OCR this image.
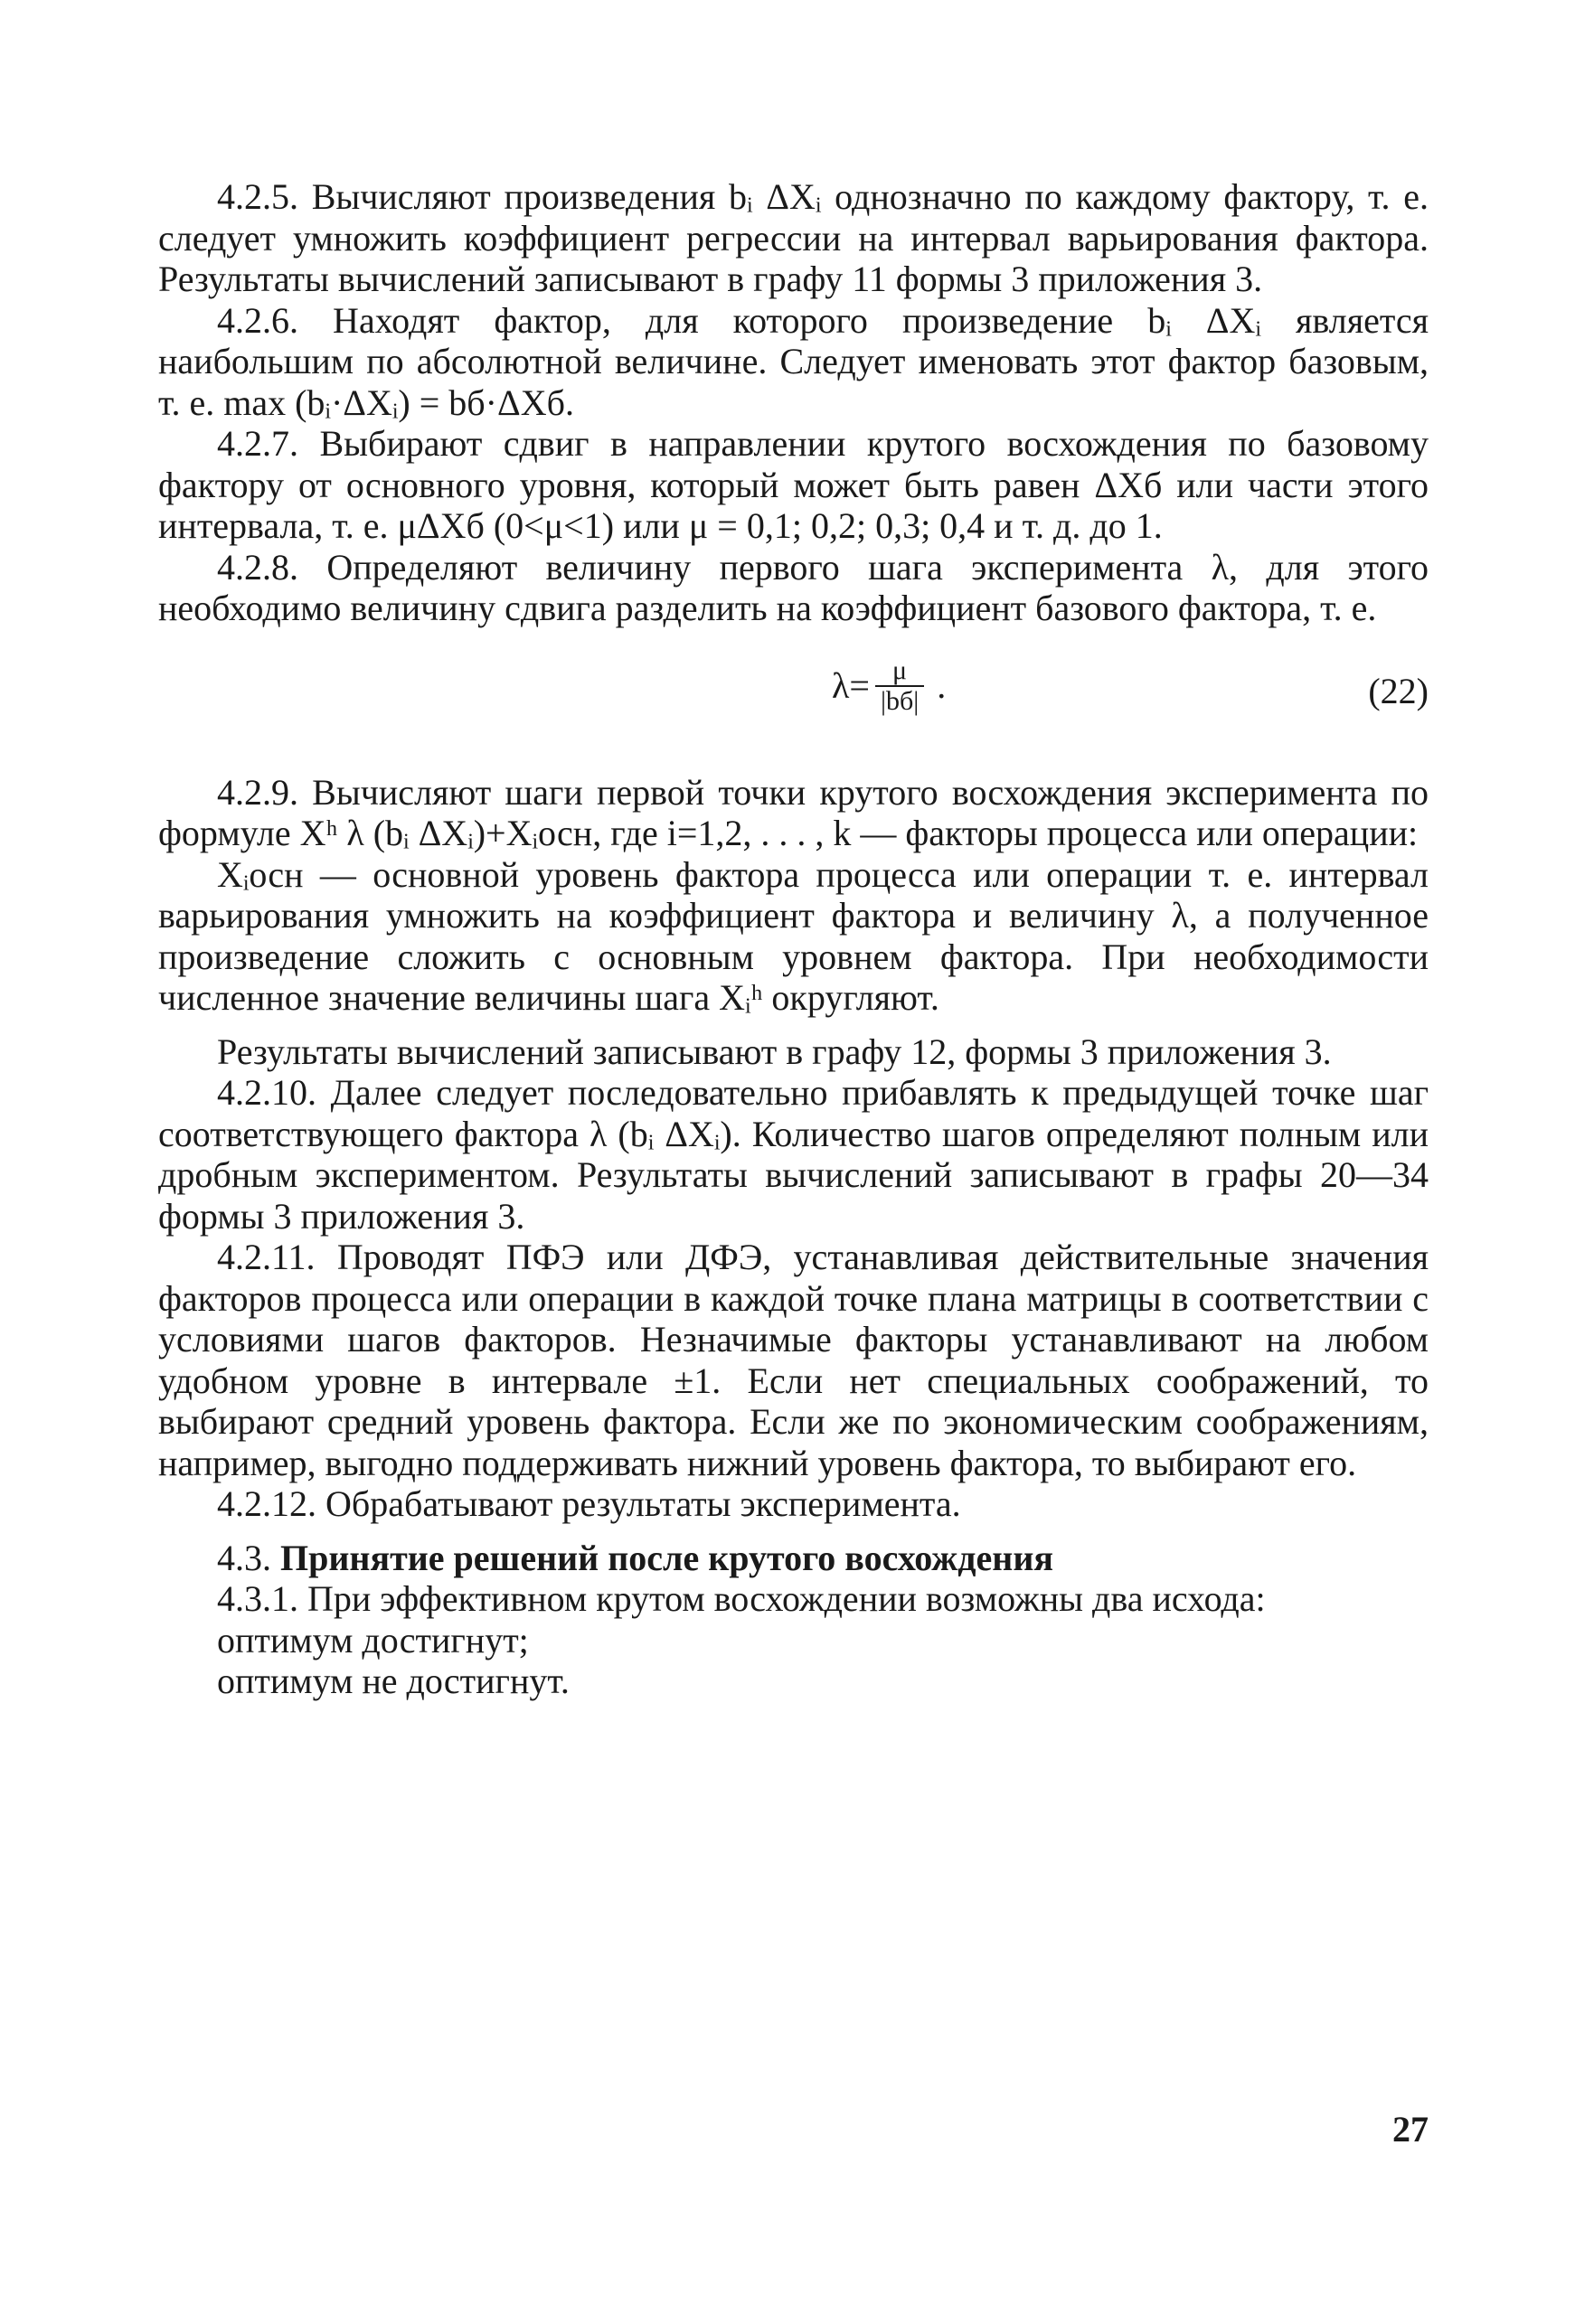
4.2.5. Вычисляют произведения bᵢ ΔXᵢ однозначно по каждому фактору, т. е. следует умножить коэффициент регрессии на интервал варьирования фактора. Результаты вычислений записывают в графу 11 формы 3 приложения 3.

4.2.6. Находят фактор, для которого произведение bᵢ ΔXᵢ является наибольшим по абсолютной величине. Следует именовать этот фактор базовым, т. е. max (bᵢ·ΔXᵢ) = bб·ΔXб.

4.2.7. Выбирают сдвиг в направлении крутого восхождения по базовому фактору от основного уровня, который может быть равен ΔXб или части этого интервала, т. е. μΔXб (0<μ<1) или μ = 0,1; 0,2; 0,3; 0,4 и т. д. до 1.

4.2.8. Определяют величину первого шага эксперимента λ, для этого необходимо величину сдвига разделить на коэффициент базового фактора, т. е.

$\lambda= \frac{\mu}{|bб|}$ .	(22)

4.2.9. Вычисляют шаги первой точки крутого восхождения эксперимента по формуле Xʰ λ (bᵢ ΔXᵢ)+Xᵢосн, где i=1,2, . . . , k — факторы процесса или операции:

Xᵢосн — основной уровень фактора процесса или операции т. е. интервал варьирования умножить на коэффициент фактора и величину λ, а полученное произведение сложить с основным уровнем фактора. При необходимости численное значение величины шага Xᵢʰ округляют.

Результаты вычислений записывают в графу 12, формы 3 приложения 3.

4.2.10. Далее следует последовательно прибавлять к предыдущей точке шаг соответствующего фактора λ (bᵢ ΔXᵢ). Количество шагов определяют полным или дробным экспериментом. Результаты вычислений записывают в графы 20—34 формы 3 приложения 3.

4.2.11. Проводят ПФЭ или ДФЭ, устанавливая действительные значения факторов процесса или операции в каждой точке плана матрицы в соответствии с условиями шагов факторов. Незначимые факторы устанавливают на любом удобном уровне в интервале ±1. Если нет специальных соображений, то выбирают средний уровень фактора. Если же по экономическим соображениям, например, выгодно поддерживать нижний уровень фактора, то выбирают его.

4.2.12. Обрабатывают результаты эксперимента.

4.3. Принятие решений после крутого восхождения

4.3.1. При эффективном крутом восхождении возможны два исхода:

оптимум достигнут;

оптимум не достигнут.

27
